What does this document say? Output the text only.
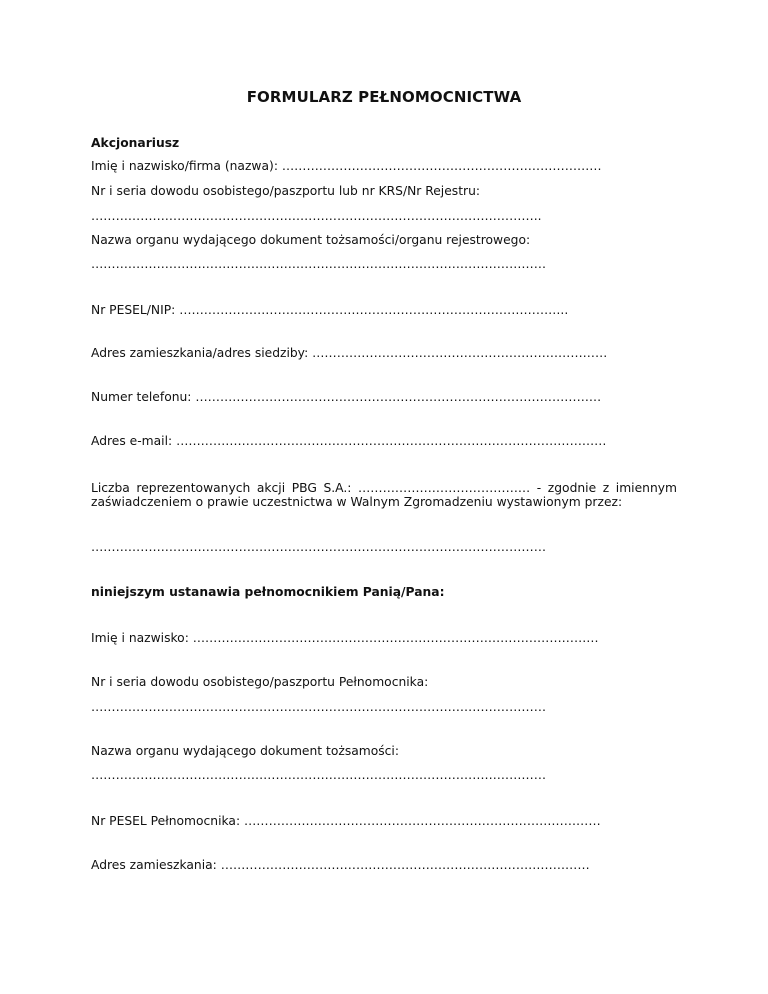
FORMULARZ PEŁNOMOCNICTWA
Akcjonariusz
Imię i nazwisko/firma (nazwa): ……………………………………………………………………
Nr i seria dowodu osobistego/paszportu lub nr KRS/Nr Rejestru:
………………………………………………………………………………………………..
Nazwa organu wydającego dokument tożsamości/organu rejestrowego:
…………………………………………………………………………………………………
Nr PESEL/NIP: …………………………………………………………………………………..
Adres zamieszkania/adres siedziby: ………………………………………………………………
Numer telefonu: ………………………………………………………………………………………
Adres e-mail: ……………………………………………………………………………………………
Liczba reprezentowanych akcji PBG S.A.: …………………………………… - zgodnie z imiennym zaświadczeniem o prawie uczestnictwa w Walnym Zgromadzeniu wystawionym przez:
…………………………………………………………………………………………………
niniejszym ustanawia pełnomocnikiem Panią/Pana:
Imię i nazwisko: ………………………………………………………………………………………
Nr i seria dowodu osobistego/paszportu Pełnomocnika:
…………………………………………………………………………………………………
Nazwa organu wydającego dokument tożsamości:
…………………………………………………………………………………………………
Nr PESEL Pełnomocnika: ……………………………………………………………………………
Adres zamieszkania: ………………………………………………………………………………
